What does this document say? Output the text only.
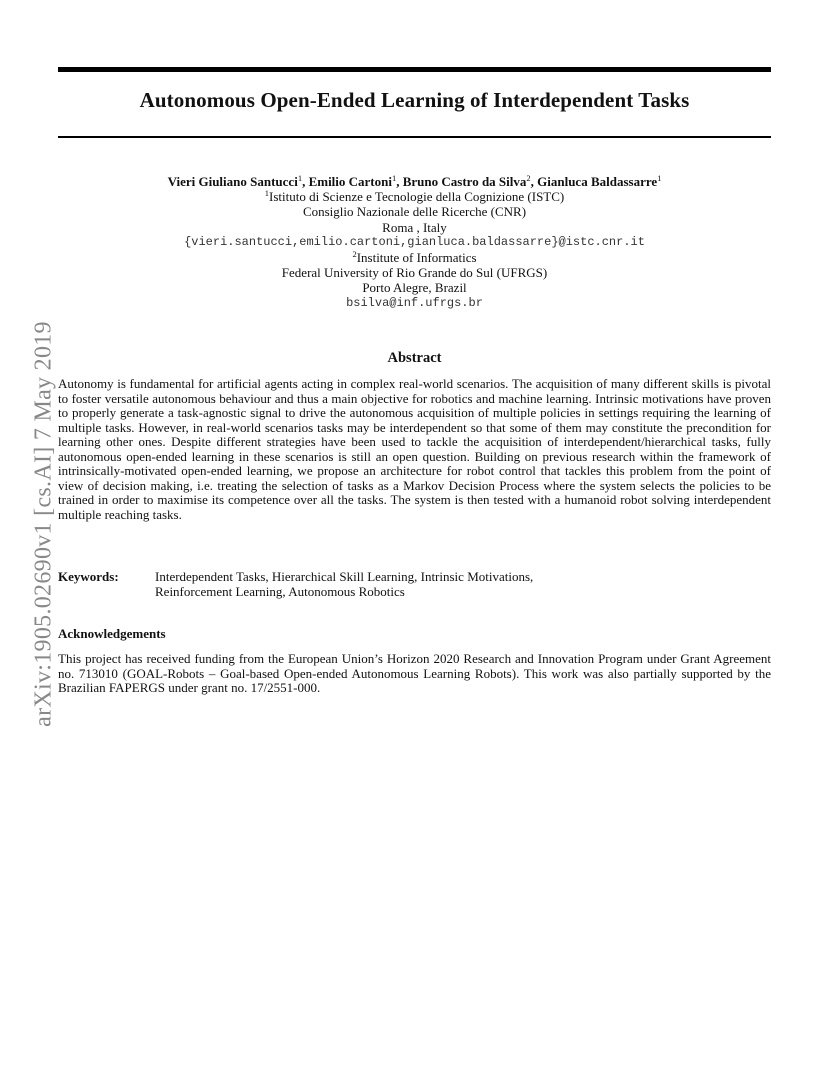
arXiv:1905.02690v1 [cs.AI] 7 May 2019
Autonomous Open-Ended Learning of Interdependent Tasks
Vieri Giuliano Santucci$^1$, Emilio Cartoni$^1$, Bruno Castro da Silva$^2$, Gianluca Baldassarre$^1$
$^1$Istituto di Scienze e Tecnologie della Cognizione (ISTC)
Consiglio Nazionale delle Ricerche (CNR)
Roma , Italy
{vieri.santucci,emilio.cartoni,gianluca.baldassarre}@istc.cnr.it
$^2$Institute of Informatics
Federal University of Rio Grande do Sul (UFRGS)
Porto Alegre, Brazil
bsilva@inf.ufrgs.br
Abstract
Autonomy is fundamental for artificial agents acting in complex real-world scenarios. The acquisition of many different skills is pivotal to foster versatile autonomous behaviour and thus a main objective for robotics and machine learning. Intrinsic motivations have proven to properly generate a task-agnostic signal to drive the autonomous acquisition of multiple policies in settings requiring the learning of multiple tasks. However, in real-world scenarios tasks may be interdependent so that some of them may constitute the precondition for learning other ones. Despite different strategies have been used to tackle the acquisition of interdependent/hierarchical tasks, fully autonomous open-ended learning in these scenarios is still an open question. Building on previous research within the framework of intrinsically-motivated open-ended learning, we propose an architecture for robot control that tackles this problem from the point of view of decision making, i.e. treating the selection of tasks as a Markov Decision Process where the system selects the policies to be trained in order to maximise its competence over all the tasks. The system is then tested with a humanoid robot solving interdependent multiple reaching tasks.
Keywords:	Interdependent Tasks, Hierarchical Skill Learning, Intrinsic Motivations, Reinforcement Learning, Autonomous Robotics
Acknowledgements
This project has received funding from the European Union’s Horizon 2020 Research and Innovation Program under Grant Agreement no. 713010 (GOAL-Robots – Goal-based Open-ended Autonomous Learning Robots). This work was also partially supported by the Brazilian FAPERGS under grant no. 17/2551-000.
